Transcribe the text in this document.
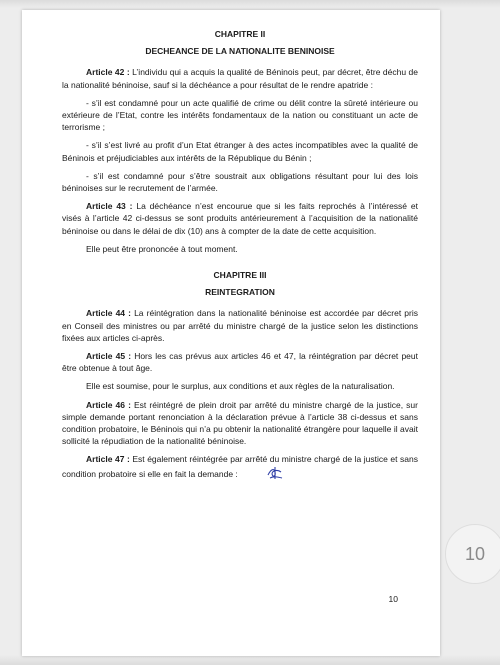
CHAPITRE II

DECHEANCE DE LA NATIONALITE BENINOISE

Article 42 : L’individu qui a acquis la qualité de Béninois peut, par décret, être déchu de la nationalité béninoise, sauf si la déchéance a pour résultat de le rendre apatride :

- s’il est condamné pour un acte qualifié de crime ou délit contre la sûreté intérieure ou extérieure de l’Etat, contre les intérêts fondamentaux de la nation ou constituant un acte de terrorisme ;

- s’il s’est livré au profit d’un Etat étranger à des actes incompatibles avec la qualité de Béninois et préjudiciables aux intérêts de la République du Bénin ;

- s’il est condamné pour s’être soustrait aux obligations résultant pour lui des lois béninoises sur le recrutement de l’armée.

Article 43 : La déchéance n’est encourue que si les faits reprochés à l’intéressé et visés à l’article 42 ci-dessus se sont produits antérieurement à l’acquisition de la nationalité béninoise ou dans le délai de dix (10) ans à compter de la date de cette acquisition.

Elle peut être prononcée à tout moment.

CHAPITRE III

REINTEGRATION

Article 44 : La réintégration dans la nationalité béninoise est accordée par décret pris en Conseil des ministres ou par arrêté du ministre chargé de la justice selon les distinctions fixées aux articles ci-après.

Article 45 : Hors les cas prévus aux articles 46 et 47, la réintégration par décret peut être obtenue à tout âge.

Elle est soumise, pour le surplus, aux conditions et aux règles de la naturalisation.

Article 46 : Est réintégré de plein droit par arrêté du ministre chargé de la justice, sur simple demande portant renonciation à la déclaration prévue à l’article 38 ci-dessus et sans condition probatoire, le Béninois qui n’a pu obtenir la nationalité étrangère pour laquelle il avait sollicité la répudiation de la nationalité béninoise.

Article 47 : Est également réintégrée par arrêté du ministre chargé de la justice et sans condition probatoire si elle en fait la demande :

10
10
